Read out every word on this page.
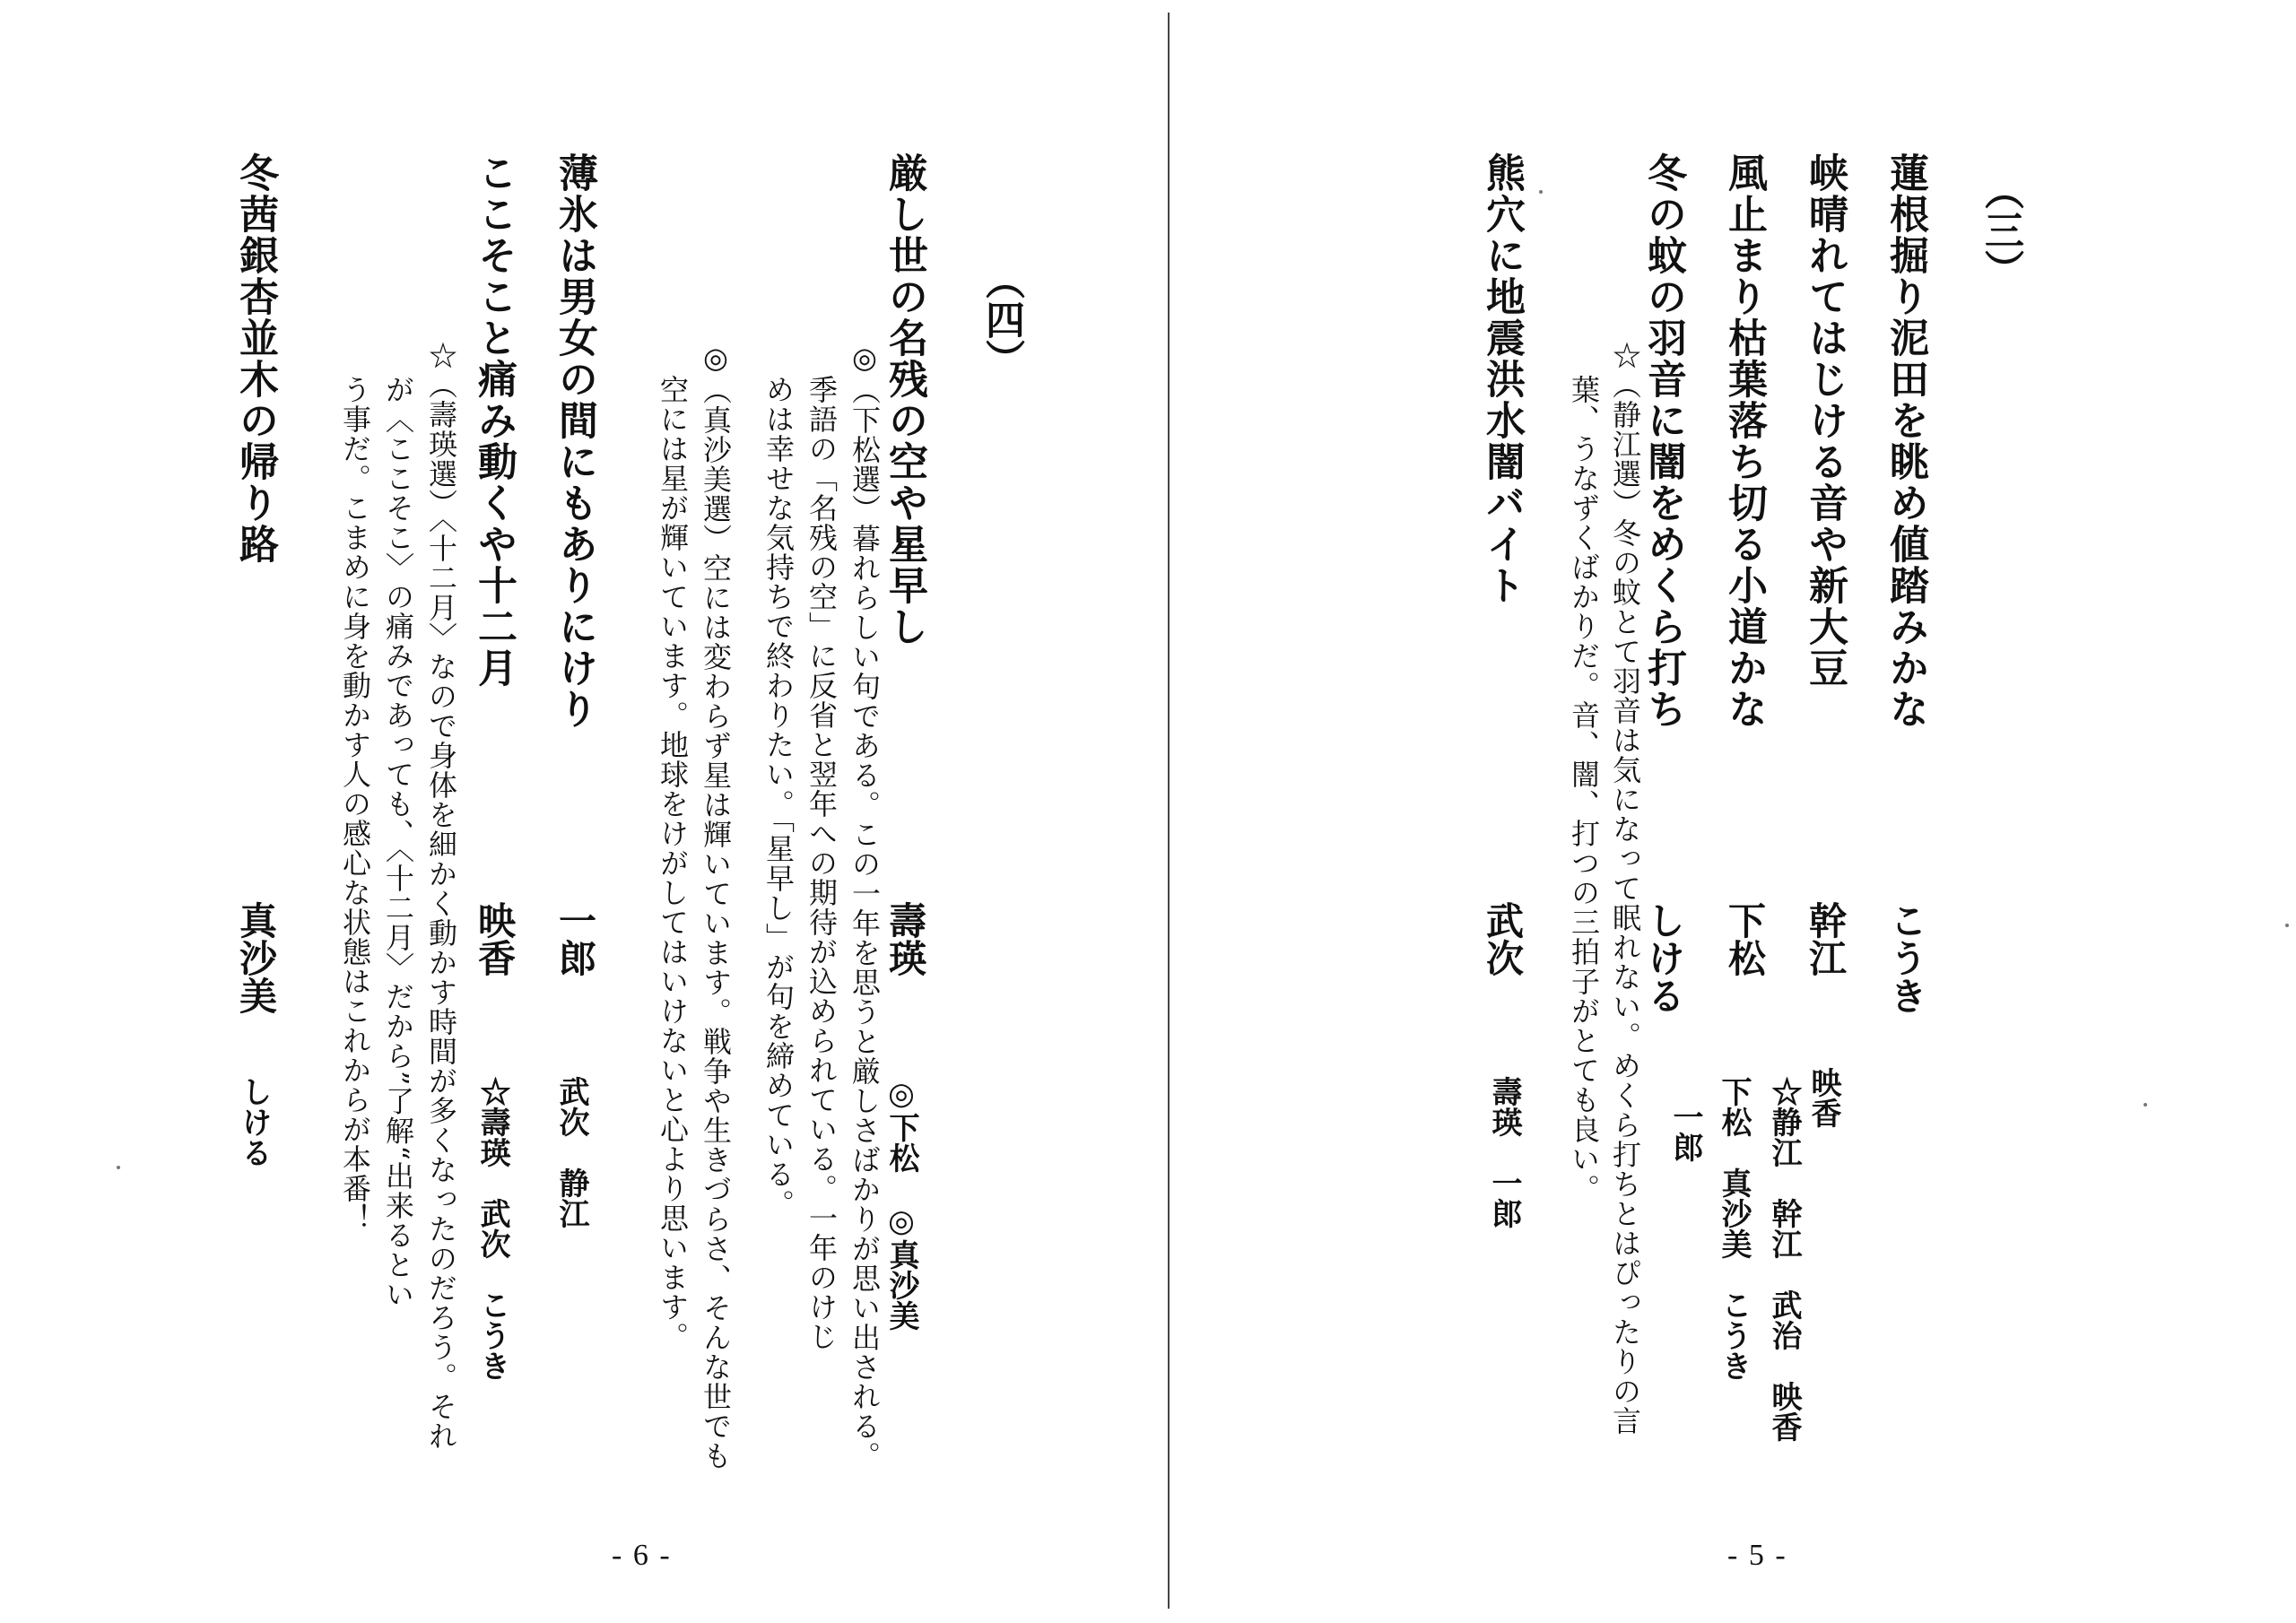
（三）
蓮根掘り泥田を眺め値踏みかな
こうき
峡晴れてはじける音や新大豆
幹江
映香
風止まり枯葉落ち切る小道かな
下松
☆静江　幹江　武治　映香
冬の蚊の羽音に闇をめくら打ち
しける
下松　真沙美　こうき
一郎
☆（静江選）冬の蚊とて羽音は気になって眠れない。めくら打ちとはぴったりの言
葉、うなずくばかりだ。音、闇、打つの三拍子がとても良い。
熊穴に地震洪水闇バイト
武次
壽瑛　一郎
- 5 -
（四）
厳し世の名残の空や星早し
壽瑛
◎下松　◎真沙美
◎（下松選）暮れらしい句である。この一年を思うと厳しさばかりが思い出される。
季語の「名残の空」に反省と翌年への期待が込められている。一年のけじ
めは幸せな気持ちで終わりたい。「星早し」が句を締めている。
◎（真沙美選）空には変わらず星は輝いています。戦争や生きづらさ、そんな世でも
空には星が輝いています。地球をけがしてはいけないと心より思います。
薄氷は男女の間にもありにけり
一郎
武次　静江
ここそこと痛み動くや十二月
映香
☆壽瑛　武次　こうき
☆（壽瑛選）〈十二月〉なので身体を細かく動かす時間が多くなったのだろう。それ
が〈ここそこ〉の痛みであっても、〈十二月〉だから”了解“出来るとい
う事だ。こまめに身を動かす人の感心な状態はこれからが本番！
冬茜銀杏並木の帰り路
真沙美
しける
- 6 -
